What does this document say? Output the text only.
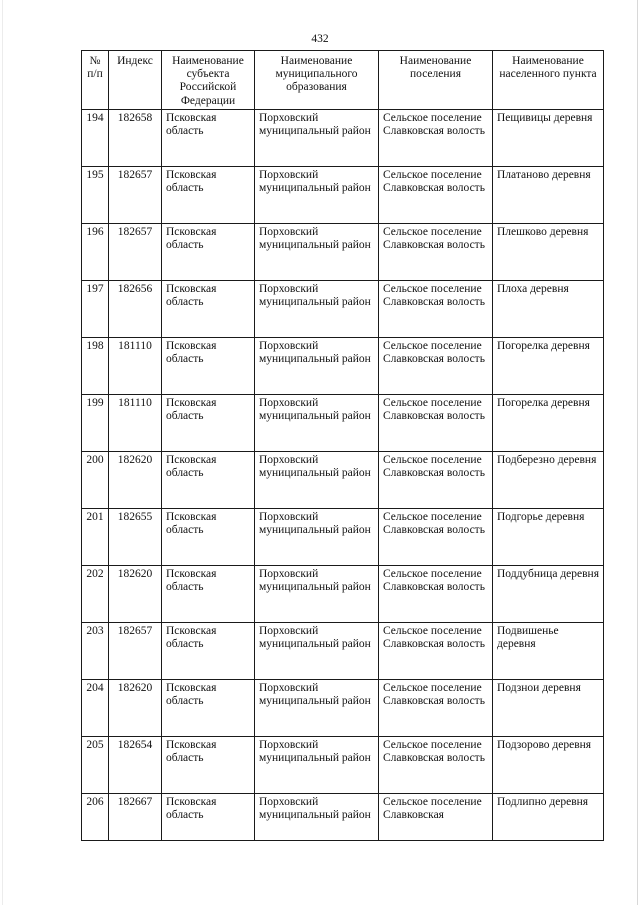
432
№ п/п	Индекс	Наименование субъекта Российской Федерации	Наименование муниципального образования	Наименование поселения	Наименование населенного пункта
194	182658	Псковская область	Порховский муниципальный район	Сельское поселение Славковская волость	Пещивицы деревня
195	182657	Псковская область	Порховский муниципальный район	Сельское поселение Славковская волость	Платаново деревня
196	182657	Псковская область	Порховский муниципальный район	Сельское поселение Славковская волость	Плешково деревня
197	182656	Псковская область	Порховский муниципальный район	Сельское поселение Славковская волость	Плоха деревня
198	181110	Псковская область	Порховский муниципальный район	Сельское поселение Славковская волость	Погорелка деревня
199	181110	Псковская область	Порховский муниципальный район	Сельское поселение Славковская волость	Погорелка деревня
200	182620	Псковская область	Порховский муниципальный район	Сельское поселение Славковская волость	Подберезно деревня
201	182655	Псковская область	Порховский муниципальный район	Сельское поселение Славковская волость	Подгорье деревня
202	182620	Псковская область	Порховский муниципальный район	Сельское поселение Славковская волость	Поддубница деревня
203	182657	Псковская область	Порховский муниципальный район	Сельское поселение Славковская волость	Подвишенье деревня
204	182620	Псковская область	Порховский муниципальный район	Сельское поселение Славковская волость	Подзнои деревня
205	182654	Псковская область	Порховский муниципальный район	Сельское поселение Славковская волость	Подзорово деревня
206	182667	Псковская область	Порховский муниципальный район	Сельское поселение Славковская	Подлипно деревня
